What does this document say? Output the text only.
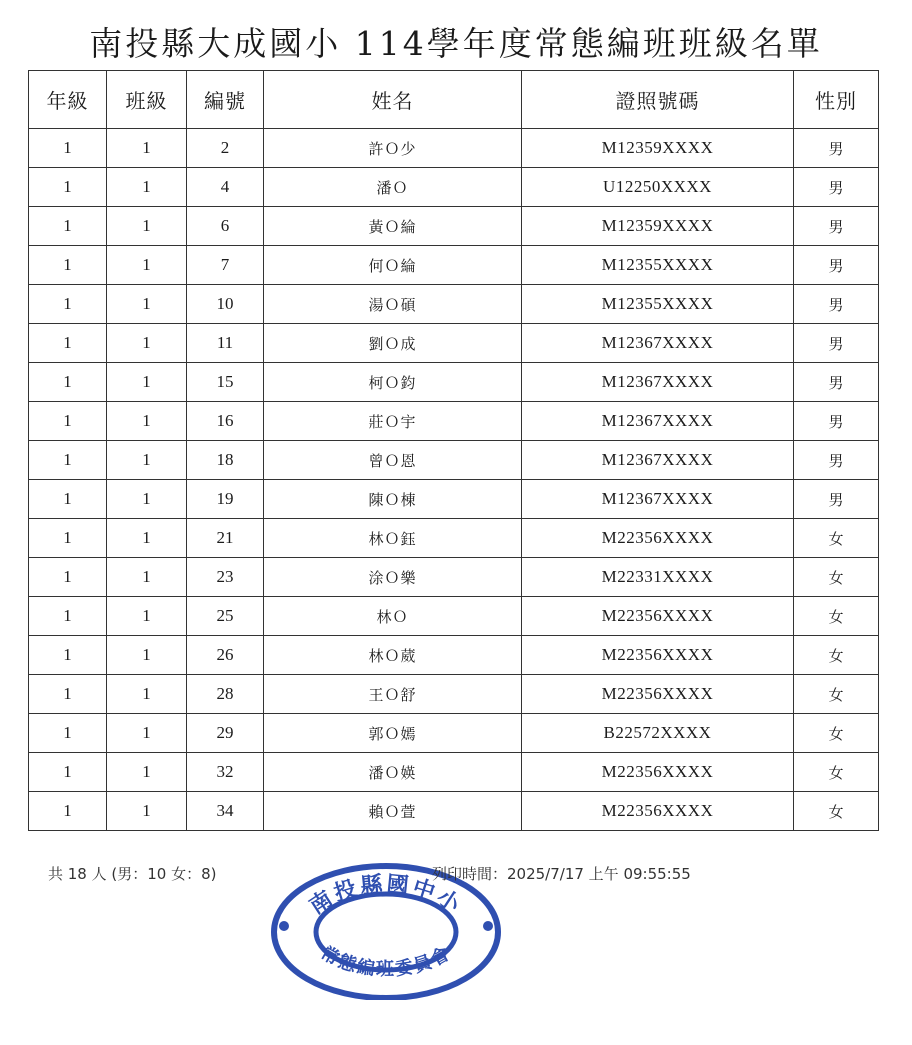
南投縣大成國小 114學年度常態編班班級名單
年級	班級	編號	姓名	證照號碼	性別
1	1	2	許Ｏ少	M12359XXXX	男
1	1	4	潘Ｏ	U12250XXXX	男
1	1	6	黃Ｏ綸	M12359XXXX	男
1	1	7	何Ｏ綸	M12355XXXX	男
1	1	10	湯Ｏ碩	M12355XXXX	男
1	1	11	劉Ｏ成	M12367XXXX	男
1	1	15	柯Ｏ鈞	M12367XXXX	男
1	1	16	莊Ｏ宇	M12367XXXX	男
1	1	18	曾Ｏ恩	M12367XXXX	男
1	1	19	陳Ｏ棟	M12367XXXX	男
1	1	21	林Ｏ鈺	M22356XXXX	女
1	1	23	涂Ｏ樂	M22331XXXX	女
1	1	25	林Ｏ	M22356XXXX	女
1	1	26	林Ｏ葳	M22356XXXX	女
1	1	28	王Ｏ舒	M22356XXXX	女
1	1	29	郭Ｏ嫣	B22572XXXX	女
1	1	32	潘Ｏ媖	M22356XXXX	女
1	1	34	賴Ｏ萱	M22356XXXX	女
共 18 人 (男：10 女：8)
南投縣國中小
常態編班委員會
列印時間：2025/7/17 上午 09:55:55
